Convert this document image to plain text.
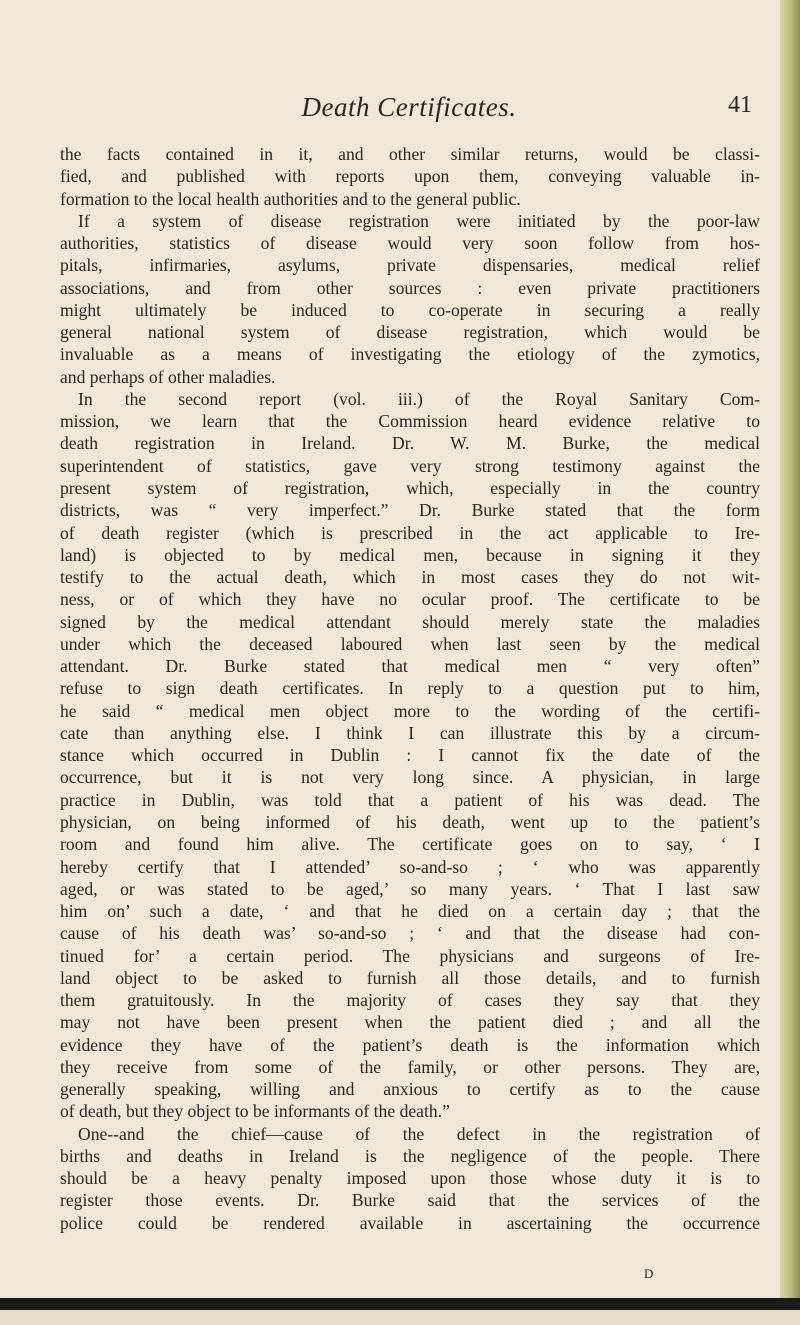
Death Certificates.	41
the facts contained in it, and other similar returns, would be classi-
fied, and published with reports upon them, conveying valuable in-
formation to the local health authorities and to the general public.
If a system of disease registration were initiated by the poor-law
authorities, statistics of disease would very soon follow from hos-
pitals, infirmaries, asylums, private dispensaries, medical relief
associations, and from other sources : even private practitioners
might ultimately be induced to co-operate in securing a really
general national system of disease registration, which would be
invaluable as a means of investigating the etiology of the zymotics,
and perhaps of other maladies.
In the second report (vol. iii.) of the Royal Sanitary Com-
mission, we learn that the Commission heard evidence relative to
death registration in Ireland. Dr. W. M. Burke, the medical
superintendent of statistics, gave very strong testimony against the
present system of registration, which, especially in the country
districts, was “ very imperfect.” Dr. Burke stated that the form
of death register (which is prescribed in the act applicable to Ire-
land) is objected to by medical men, because in signing it they
testify to the actual death, which in most cases they do not wit-
ness, or of which they have no ocular proof. The certificate to be
signed by the medical attendant should merely state the maladies
under which the deceased laboured when last seen by the medical
attendant. Dr. Burke stated that medical men “ very often”
refuse to sign death certificates. In reply to a question put to him,
he said “ medical men object more to the wording of the certifi-
cate than anything else. I think I can illustrate this by a circum-
stance which occurred in Dublin : I cannot fix the date of the
occurrence, but it is not very long since. A physician, in large
practice in Dublin, was told that a patient of his was dead. The
physician, on being informed of his death, went up to the patient’s
room and found him alive. The certificate goes on to say, ‘ I
hereby certify that I attended’ so-and-so ; ‘ who was apparently
aged, or was stated to be aged,’ so many years. ‘ That I last saw
him on’ such a date, ‘ and that he died on a certain day ; that the
cause of his death was’ so-and-so ; ‘ and that the disease had con-
tinued for’ a certain period. The physicians and surgeons of Ire-
land object to be asked to furnish all those details, and to furnish
them gratuitously. In the majority of cases they say that they
may not have been present when the patient died ; and all the
evidence they have of the patient’s death is the information which
they receive from some of the family, or other persons. They are,
generally speaking, willing and anxious to certify as to the cause
of death, but they object to be informants of the death.”
One--and the chief—cause of the defect in the registration of
births and deaths in Ireland is the negligence of the people. There
should be a heavy penalty imposed upon those whose duty it is to
register those events. Dr. Burke said that the services of the
police could be rendered available in ascertaining the occurrence
D
